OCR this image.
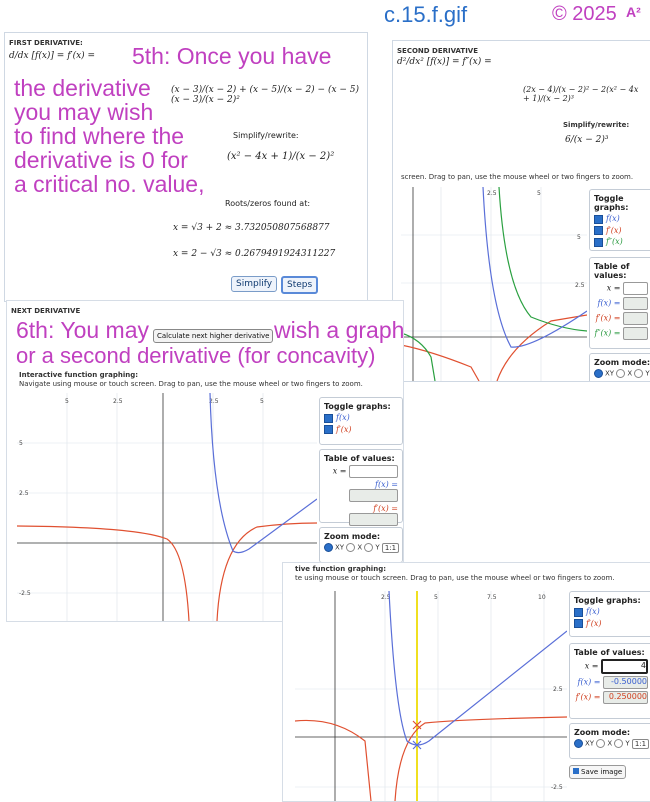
c.15.f.gif	© 2025 A²
SECOND DERIVATIVE
d²/dx² [f(x)] = f″(x) =
(2x − 4)/(x − 2)² − 2(x² − 4x + 1)/(x − 2)³
Simplify/rewrite:
6/(x − 2)³
screen. Drag to pan, use the mouse wheel or two fingers to zoom.
2.5	5
5
2.5
Toggle graphs:
f(x)
f′(x)
f″(x)
Table of values:
x =
f(x) =
f′(x) =
f″(x) =
Zoom mode:
XY X Y
FIRST DERIVATIVE:
d/dx [f(x)] = f′(x) =
(x − 3)/(x − 2) + (x − 5)/(x − 2) − (x − 5)(x − 3)/(x − 2)²
Simplify/rewrite:
(x² − 4x + 1)/(x − 2)²
Roots/zeros found at:
x = √3 + 2 ≈ 3.732050807568877
x = 2 − √3 ≈ 0.2679491924311227
Simplify	Steps
5th: Once you have
the derivative
you may wish
to find where the
derivative is 0 for
a critical no. value,
NEXT DERIVATIVE
Calculate next higher derivative
Interactive function graphing:
Navigate using mouse or touch screen. Drag to pan, use the mouse wheel or two fingers to zoom.
5	2.5	2.5	5
5
2.5
-2.5
Toggle graphs:
f(x)
f′(x)
Table of values:
x =
f(x) =
f′(x) =
Zoom mode:
XY X Y 1:1
6th: You may	wish a graph
or a second derivative (for concavity)
tive function graphing:
te using mouse or touch screen. Drag to pan, use the mouse wheel or two fingers to zoom.
2.5	5	7.5	10
2.5
-2.5
Toggle graphs:
f(x)
f′(x)
Table of values:
x =	4
f(x) = -0.50000
f′(x) = 0.250000
Zoom mode:
XY X Y 1:1
Save image
